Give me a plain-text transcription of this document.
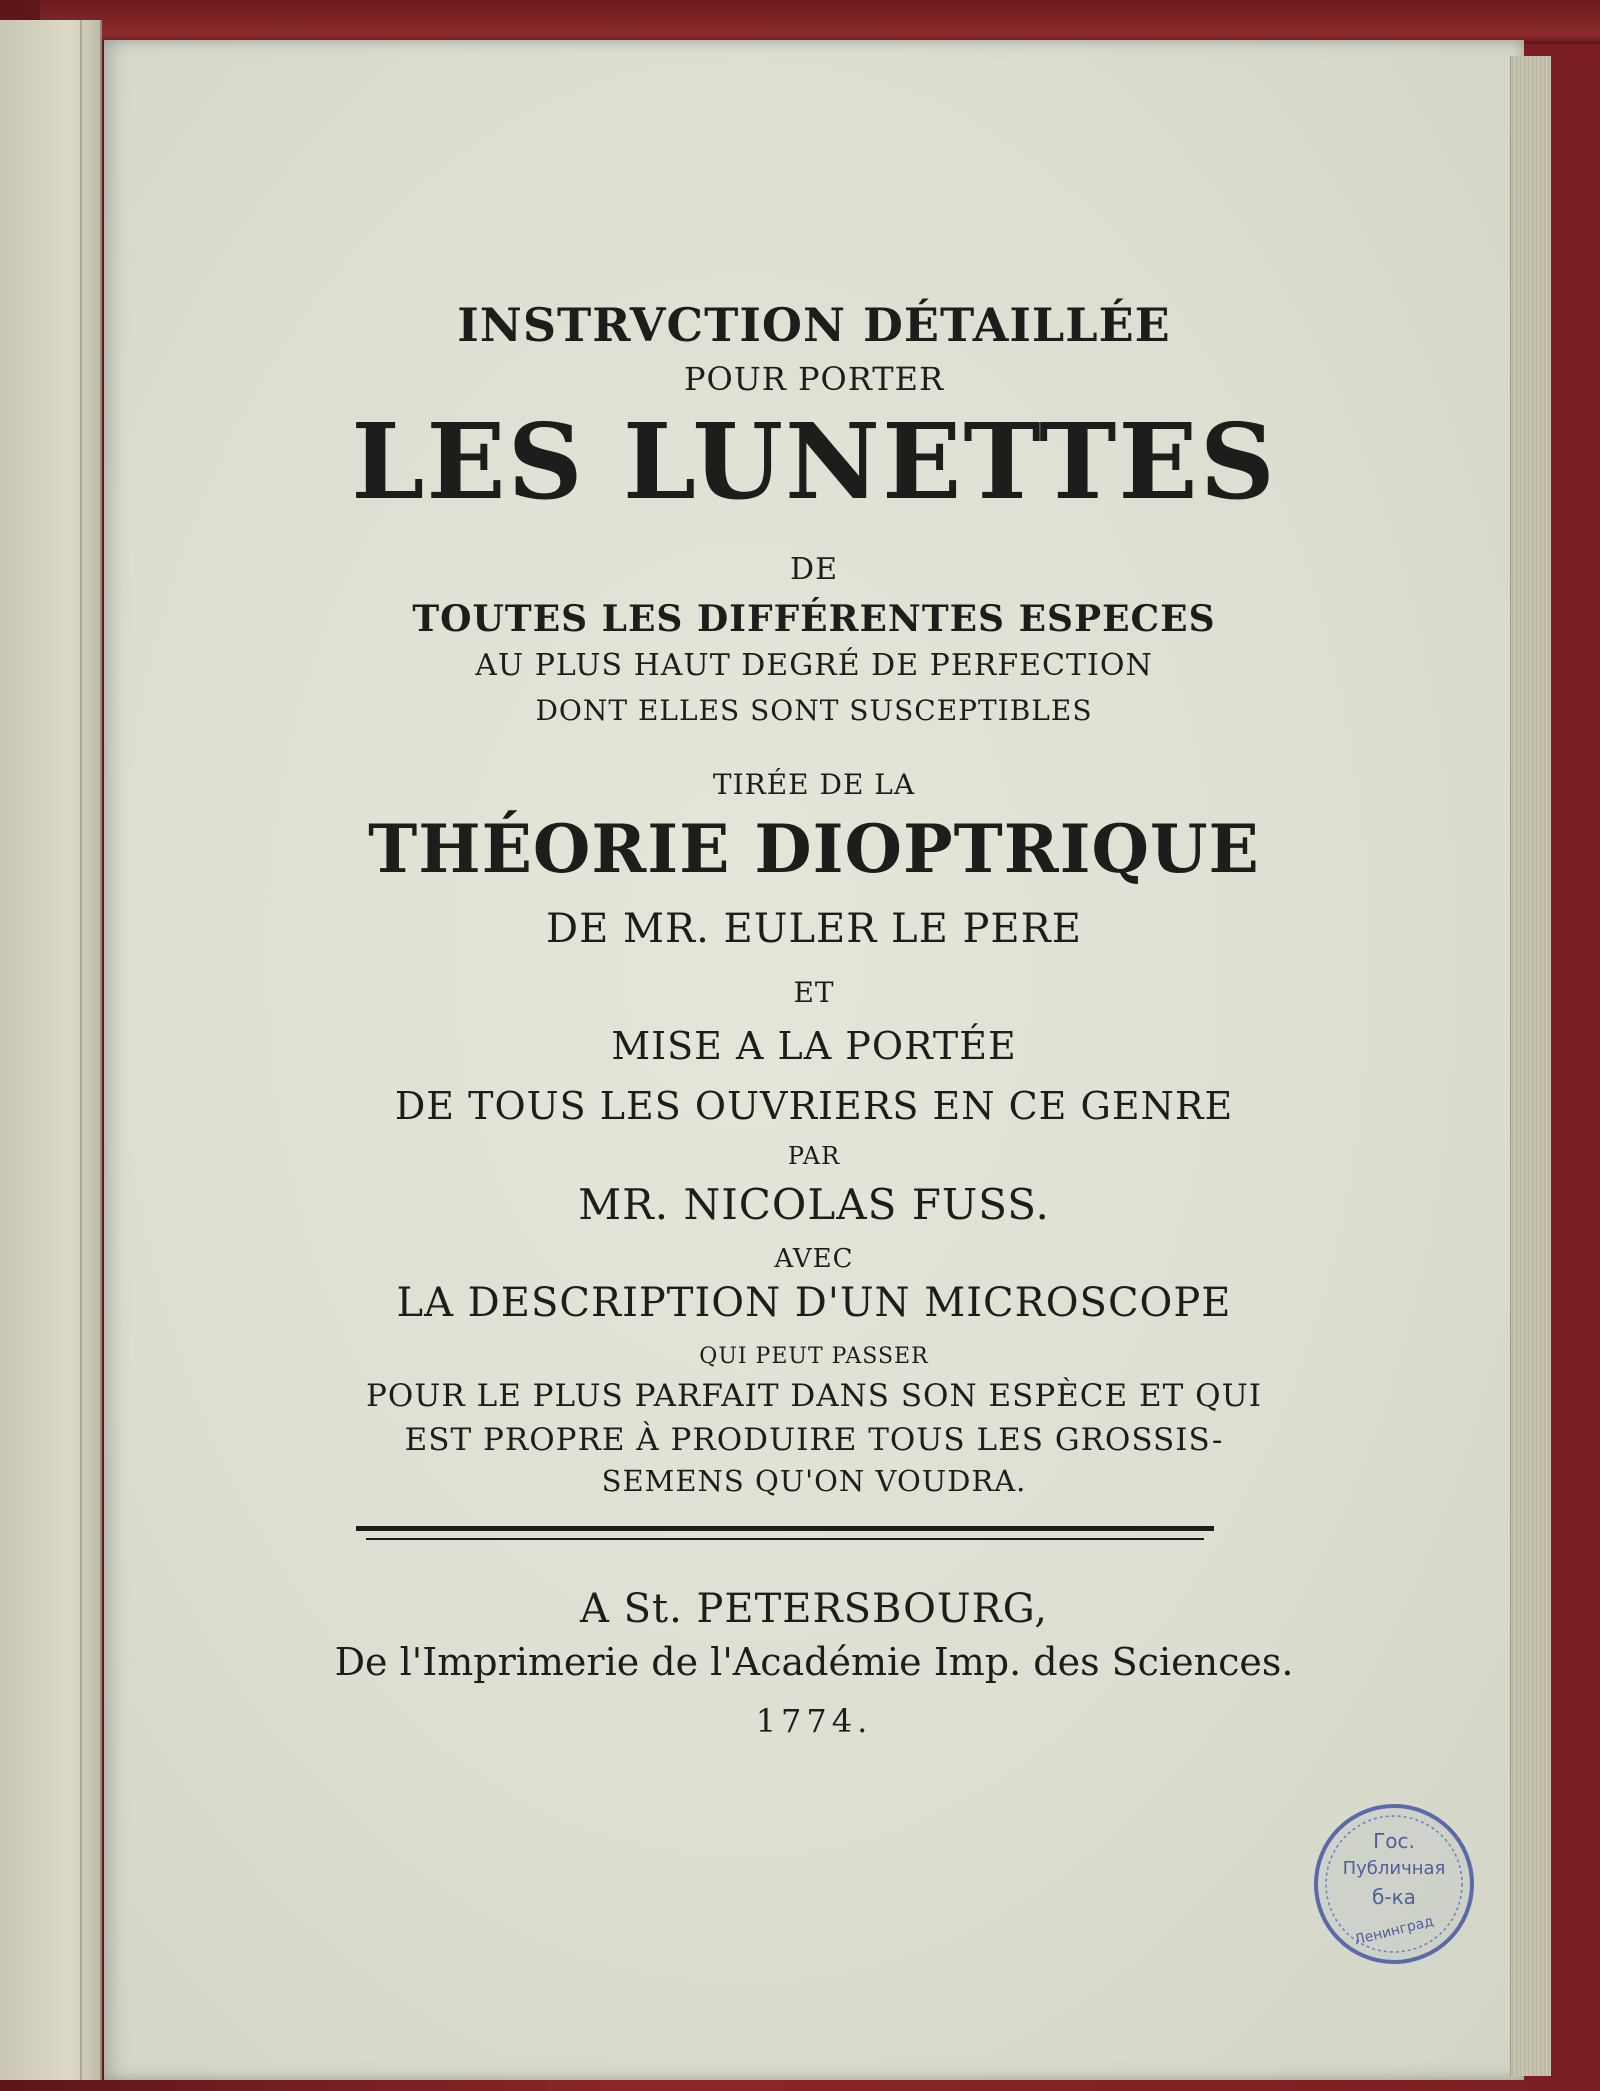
INSTRVCTION DÉTAILLÉE
POUR PORTER
LES LUNETTES
DE
TOUTES LES DIFFÉRENTES ESPECES
AU PLUS HAUT DEGRÉ DE PERFECTION
DONT ELLES SONT SUSCEPTIBLES
TIRÉE DE LA
THÉORIE DIOPTRIQUE
DE MR. EULER LE PERE
ET
MISE A LA PORTÉE
DE TOUS LES OUVRIERS EN CE GENRE
PAR
MR. NICOLAS FUSS.
AVEC
LA DESCRIPTION D'UN MICROSCOPE
QUI PEUT PASSER
POUR LE PLUS PARFAIT DANS SON ESPÈCE ET QUI
EST PROPRE À PRODUIRE TOUS LES GROSSIS-
SEMENS QU'ON VOUDRA.
A St. PETERSBOURG,
De l'Imprimerie de l'Académie Imp. des Sciences.
1774.
Гос.
Публичная
б-ка
Ленинград
